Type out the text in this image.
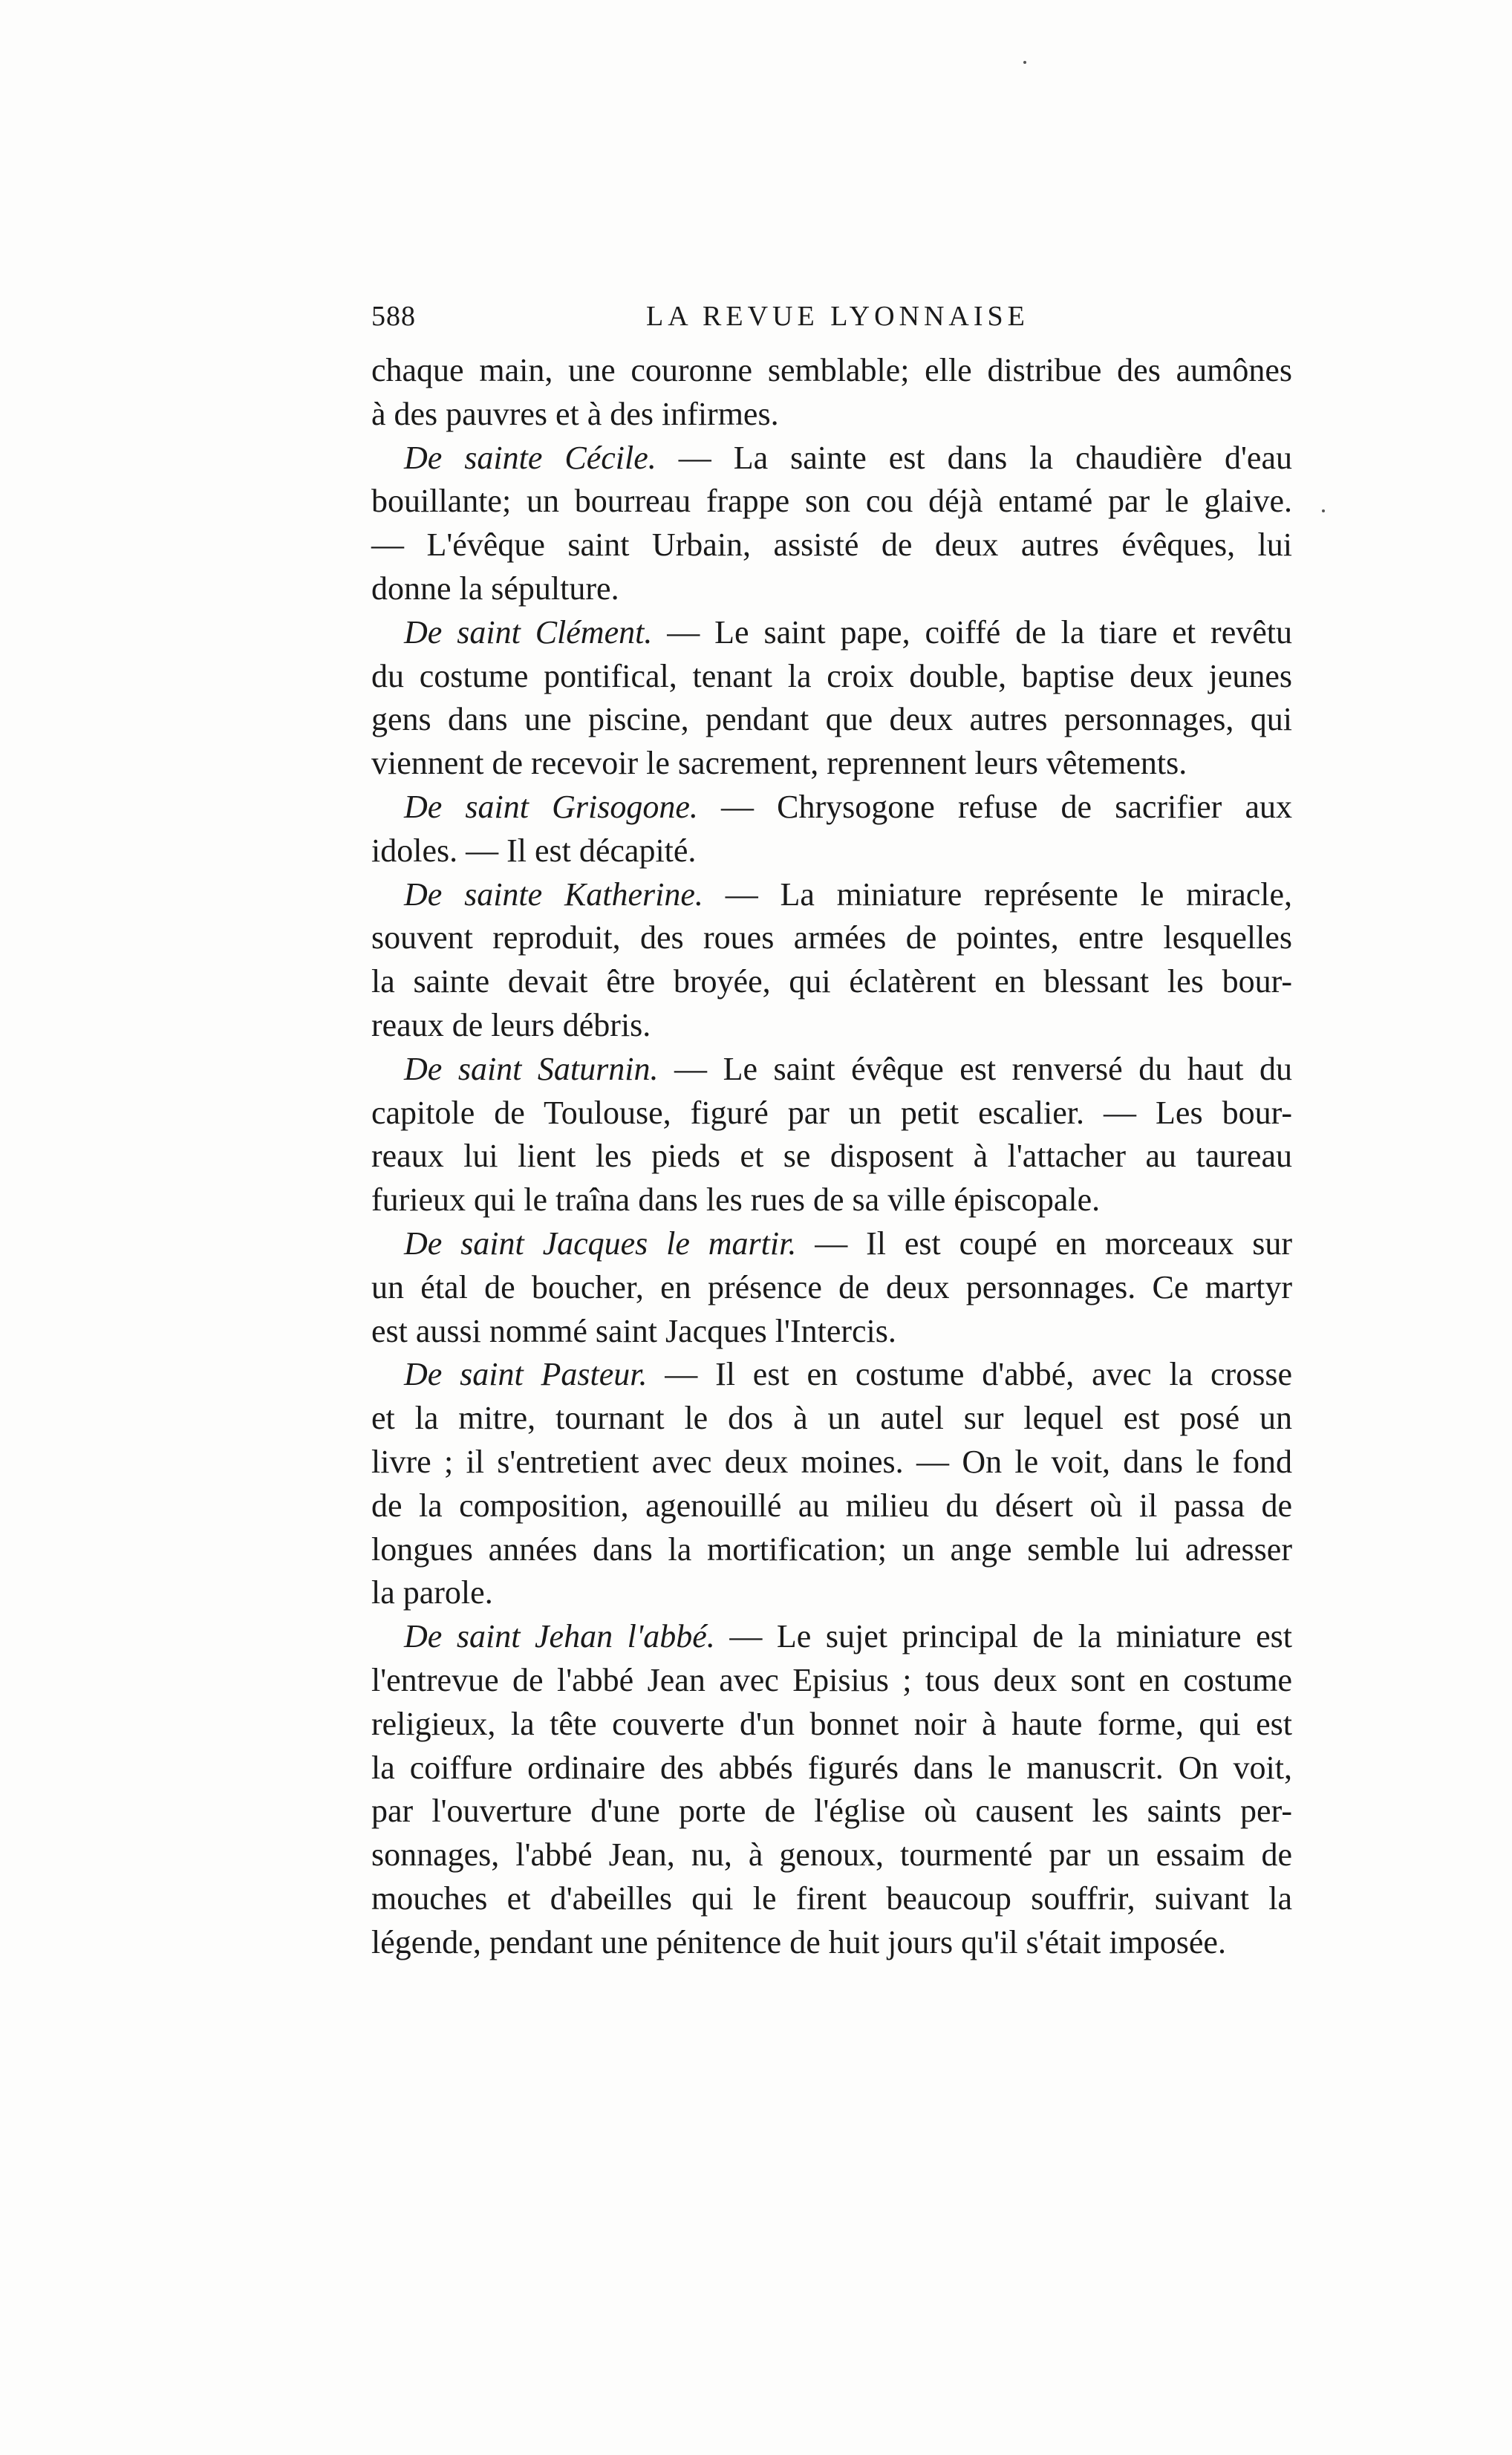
588	LA REVUE LYONNAISE
chaque main, une couronne semblable; elle distribue des aumônes
à des pauvres et à des infirmes.
De sainte Cécile. — La sainte est dans la chaudière d'eau
bouillante; un bourreau frappe son cou déjà entamé par le glaive.
— L'évêque saint Urbain, assisté de deux autres évêques, lui
donne la sépulture.
De saint Clément. — Le saint pape, coiffé de la tiare et revêtu
du costume pontifical, tenant la croix double, baptise deux jeunes
gens dans une piscine, pendant que deux autres personnages, qui
viennent de recevoir le sacrement, reprennent leurs vêtements.
De saint Grisogone. — Chrysogone refuse de sacrifier aux
idoles. — Il est décapité.
De sainte Katherine. — La miniature représente le miracle,
souvent reproduit, des roues armées de pointes, entre lesquelles
la sainte devait être broyée, qui éclatèrent en blessant les bour-
reaux de leurs débris.
De saint Saturnin. — Le saint évêque est renversé du haut du
capitole de Toulouse, figuré par un petit escalier. — Les bour-
reaux lui lient les pieds et se disposent à l'attacher au taureau
furieux qui le traîna dans les rues de sa ville épiscopale.
De saint Jacques le martir. — Il est coupé en morceaux sur
un étal de boucher, en présence de deux personnages. Ce martyr
est aussi nommé saint Jacques l'Intercis.
De saint Pasteur. — Il est en costume d'abbé, avec la crosse
et la mitre, tournant le dos à un autel sur lequel est posé un
livre ; il s'entretient avec deux moines. — On le voit, dans le fond
de la composition, agenouillé au milieu du désert où il passa de
longues années dans la mortification; un ange semble lui adresser
la parole.
De saint Jehan l'abbé. — Le sujet principal de la miniature est
l'entrevue de l'abbé Jean avec Episius ; tous deux sont en costume
religieux, la tête couverte d'un bonnet noir à haute forme, qui est
la coiffure ordinaire des abbés figurés dans le manuscrit. On voit,
par l'ouverture d'une porte de l'église où causent les saints per-
sonnages, l'abbé Jean, nu, à genoux, tourmenté par un essaim de
mouches et d'abeilles qui le firent beaucoup souffrir, suivant la
légende, pendant une pénitence de huit jours qu'il s'était imposée.
